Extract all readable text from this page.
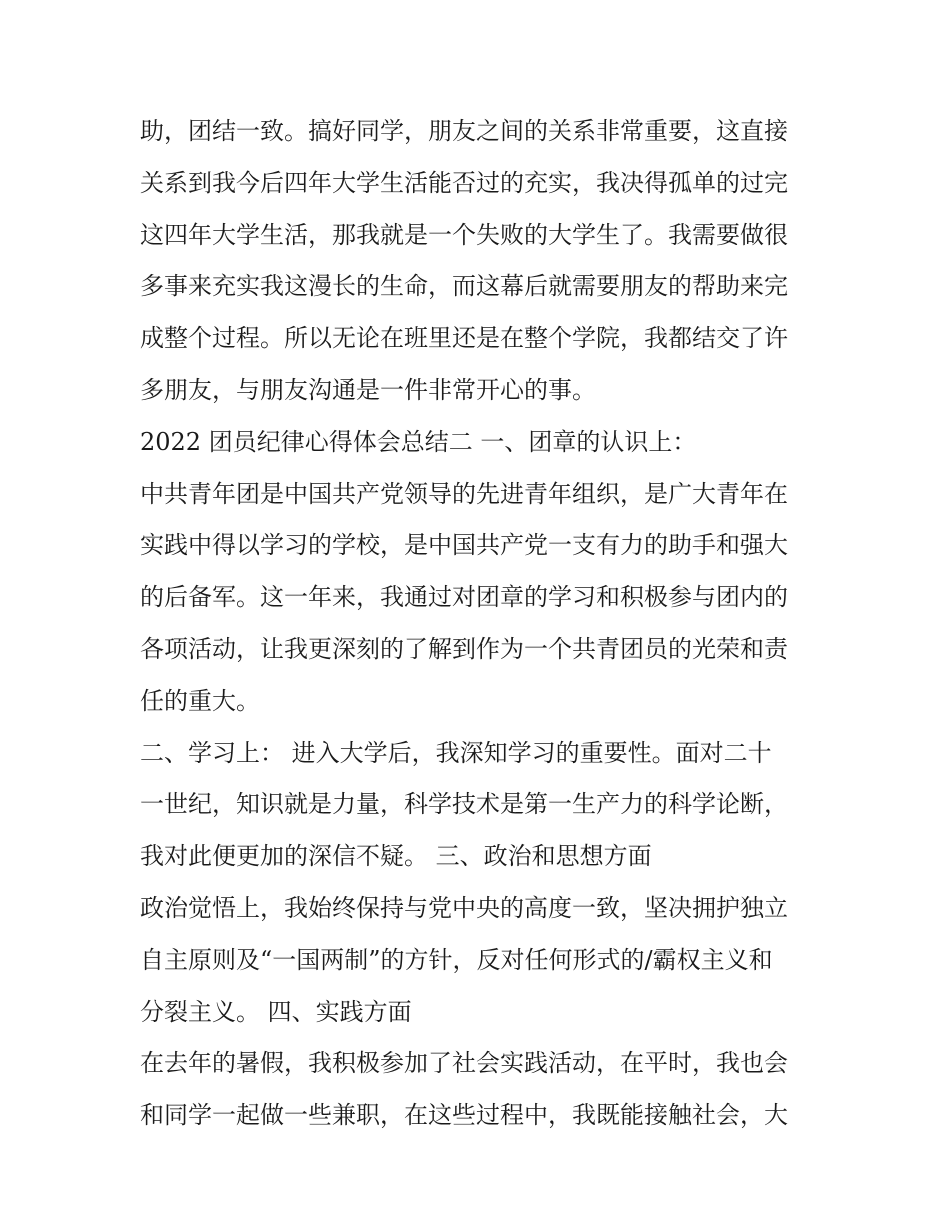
助，团结一致。搞好同学，朋友之间的关系非常重要，这直接
关系到我今后四年大学生活能否过的充实，我决得孤单的过完
这四年大学生活，那我就是一个失败的大学生了。我需要做很
多事来充实我这漫长的生命，而这幕后就需要朋友的帮助来完
成整个过程。所以无论在班里还是在整个学院，我都结交了许
多朋友，与朋友沟通是一件非常开心的事。
2022 团员纪律心得体会总结二 一、团章的认识上：
中共青年团是中国共产党领导的先进青年组织，是广大青年在
实践中得以学习的学校，是中国共产党一支有力的助手和强大
的后备军。这一年来，我通过对团章的学习和积极参与团内的
各项活动，让我更深刻的了解到作为一个共青团员的光荣和责
任的重大。
二、学习上： 进入大学后，我深知学习的重要性。面对二十
一世纪，知识就是力量，科学技术是第一生产力的科学论断，
我对此便更加的深信不疑。 三、政治和思想方面
政治觉悟上，我始终保持与党中央的高度一致，坚决拥护独立
自主原则及“一国两制”的方针，反对任何形式的/霸权主义和
分裂主义。 四、实践方面
在去年的暑假，我积极参加了社会实践活动，在平时，我也会
和同学一起做一些兼职，在这些过程中，我既能接触社会，大
